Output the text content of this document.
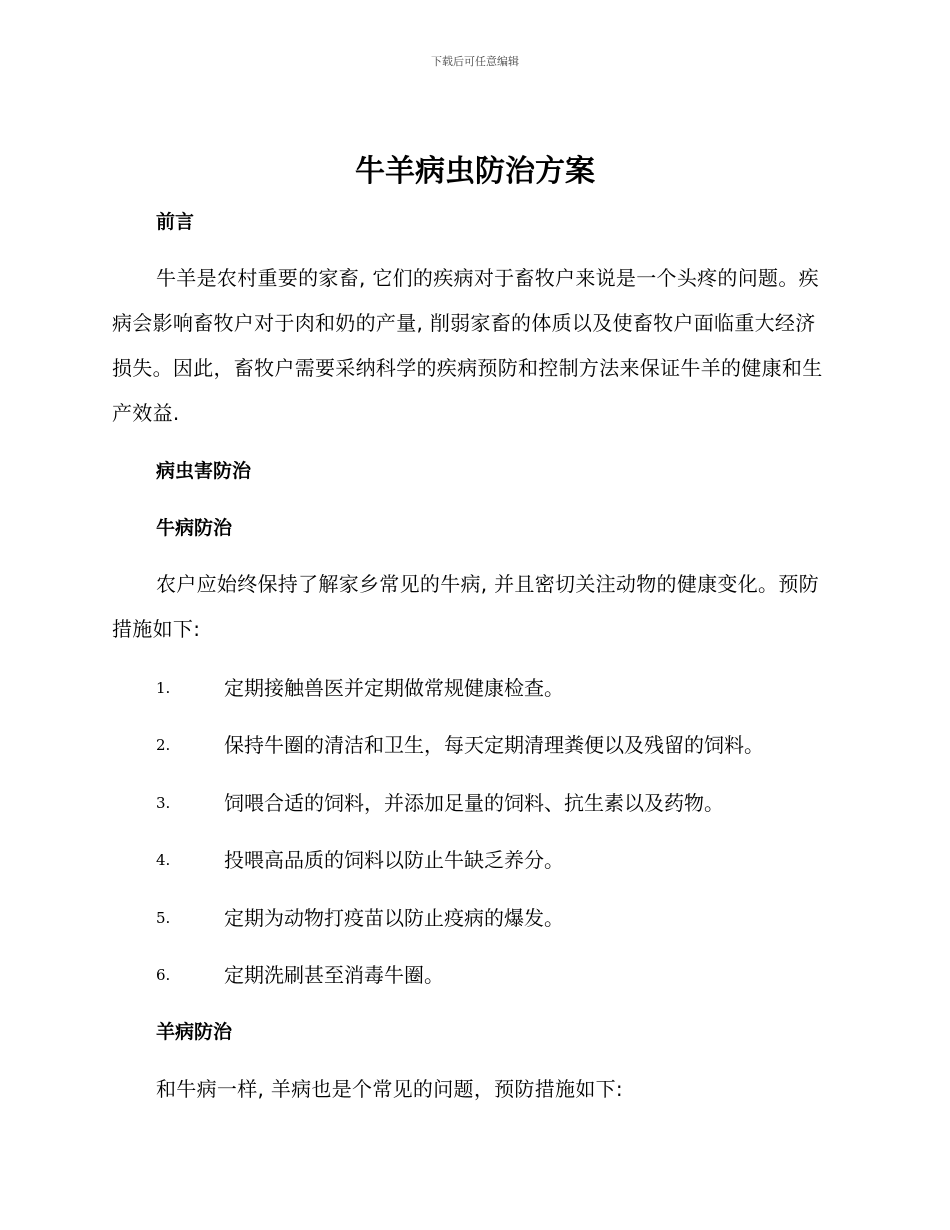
下载后可任意编辑
牛羊病虫防治方案
前言

牛羊是农村重要的家畜, 它们的疾病对于畜牧户来说是一个头疼的问题。疾病会影响畜牧户对于肉和奶的产量, 削弱家畜的体质以及使畜牧户面临重大经济损失。因此，畜牧户需要采纳科学的疾病预防和控制方法来保证牛羊的健康和生产效益.

病虫害防治
牛病防治

农户应始终保持了解家乡常见的牛病, 并且密切关注动物的健康变化。预防措施如下:

1.	定期接触兽医并定期做常规健康检查。
2.	保持牛圈的清洁和卫生，每天定期清理粪便以及残留的饲料。
3.	饲喂合适的饲料，并添加足量的饲料、抗生素以及药物。
4.	投喂高品质的饲料以防止牛缺乏养分。
5.	定期为动物打疫苗以防止疫病的爆发。
6.	定期洗刷甚至消毒牛圈。
羊病防治

和牛病一样, 羊病也是个常见的问题，预防措施如下:
